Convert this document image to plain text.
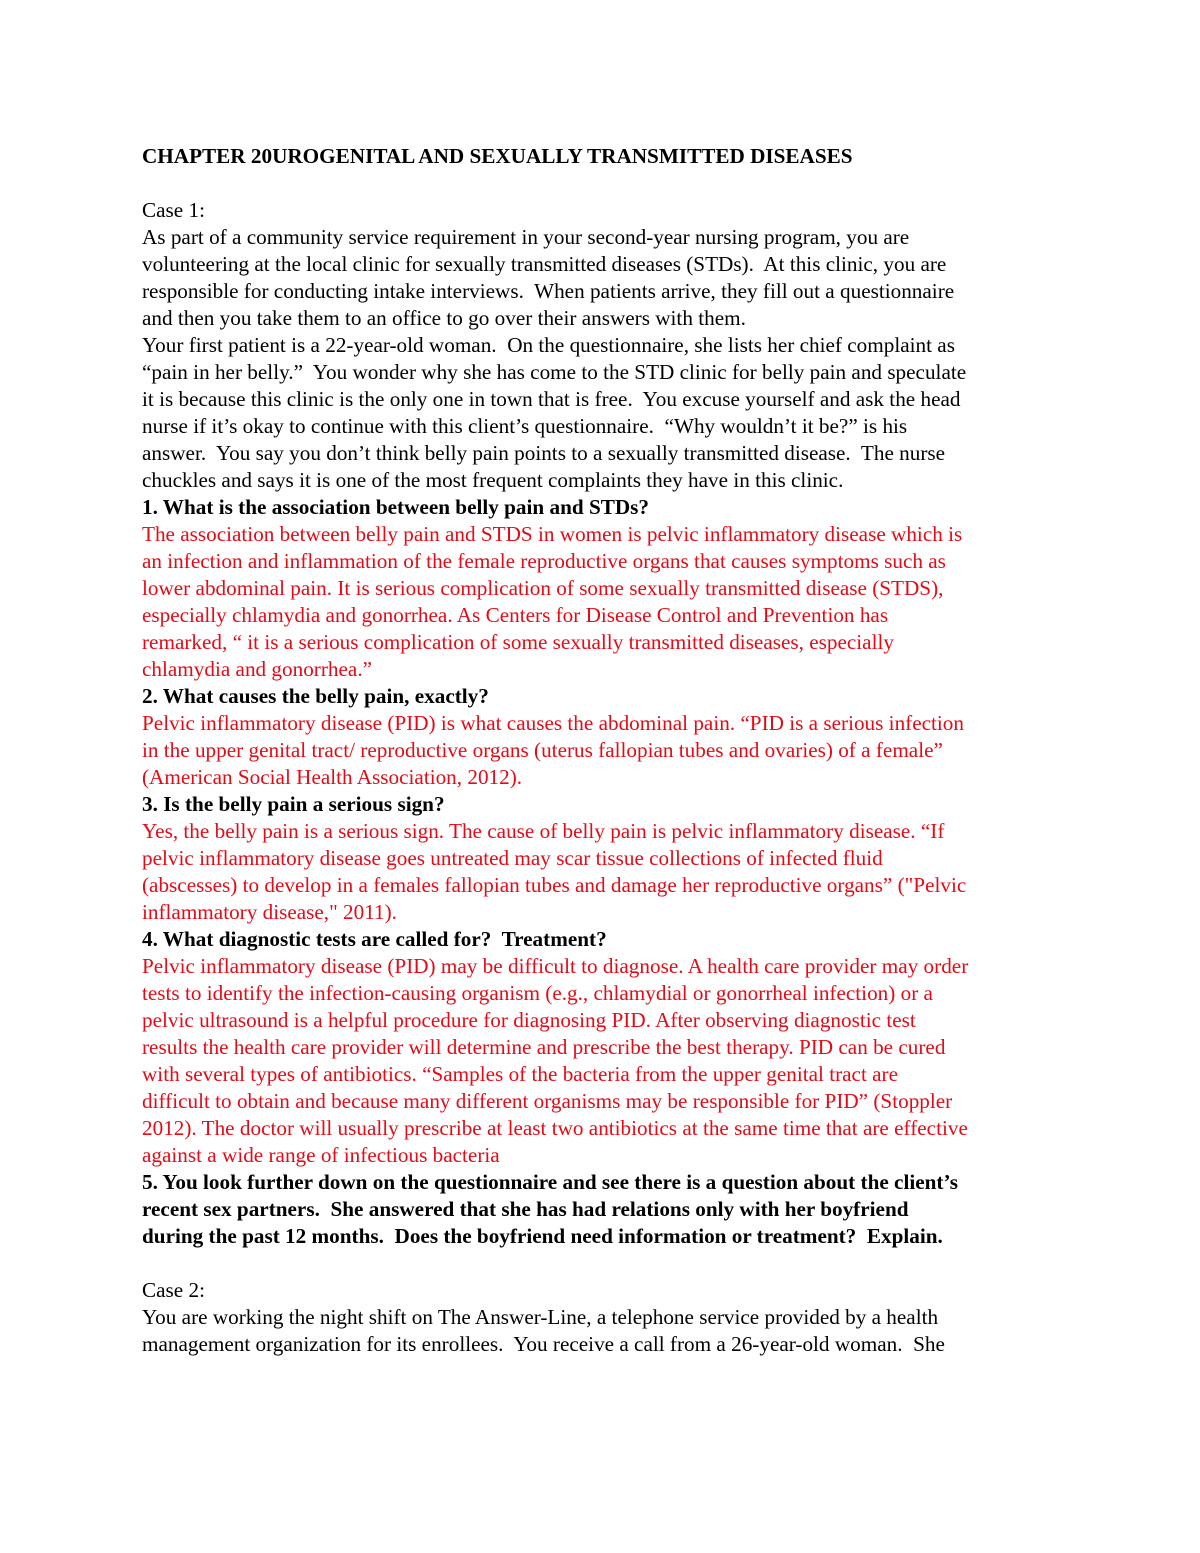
CHAPTER 20UROGENITAL AND SEXUALLY TRANSMITTED DISEASES
Case 1:
As part of a community service requirement in your second-year nursing program, you are
volunteering at the local clinic for sexually transmitted diseases (STDs).  At this clinic, you are
responsible for conducting intake interviews.  When patients arrive, they fill out a questionnaire
and then you take them to an office to go over their answers with them.
Your first patient is a 22-year-old woman.  On the questionnaire, she lists her chief complaint as
“pain in her belly.”  You wonder why she has come to the STD clinic for belly pain and speculate
it is because this clinic is the only one in town that is free.  You excuse yourself and ask the head
nurse if it’s okay to continue with this client’s questionnaire.  “Why wouldn’t it be?” is his
answer.  You say you don’t think belly pain points to a sexually transmitted disease.  The nurse
chuckles and says it is one of the most frequent complaints they have in this clinic.
1. What is the association between belly pain and STDs?
The association between belly pain and STDS in women is pelvic inflammatory disease which is
an infection and inflammation of the female reproductive organs that causes symptoms such as
lower abdominal pain. It is serious complication of some sexually transmitted disease (STDS),
especially chlamydia and gonorrhea. As Centers for Disease Control and Prevention has
remarked, “ it is a serious complication of some sexually transmitted diseases, especially
chlamydia and gonorrhea.”
2. What causes the belly pain, exactly?
Pelvic inflammatory disease (PID) is what causes the abdominal pain. “PID is a serious infection
in the upper genital tract/ reproductive organs (uterus fallopian tubes and ovaries) of a female”
(American Social Health Association, 2012).
3. Is the belly pain a serious sign?
Yes, the belly pain is a serious sign. The cause of belly pain is pelvic inflammatory disease. “If
pelvic inflammatory disease goes untreated may scar tissue collections of infected fluid
(abscesses) to develop in a females fallopian tubes and damage her reproductive organs” ("Pelvic
inflammatory disease," 2011).
4. What diagnostic tests are called for?  Treatment?
Pelvic inflammatory disease (PID) may be difficult to diagnose. A health care provider may order
tests to identify the infection-causing organism (e.g., chlamydial or gonorrheal infection) or a
pelvic ultrasound is a helpful procedure for diagnosing PID. After observing diagnostic test
results the health care provider will determine and prescribe the best therapy. PID can be cured
with several types of antibiotics. “Samples of the bacteria from the upper genital tract are
difficult to obtain and because many different organisms may be responsible for PID” (Stoppler
2012). The doctor will usually prescribe at least two antibiotics at the same time that are effective
against a wide range of infectious bacteria
5. You look further down on the questionnaire and see there is a question about the client’s
recent sex partners.  She answered that she has had relations only with her boyfriend
during the past 12 months.  Does the boyfriend need information or treatment?  Explain.
Case 2:
You are working the night shift on The Answer-Line, a telephone service provided by a health
management organization for its enrollees.  You receive a call from a 26-year-old woman.  She
